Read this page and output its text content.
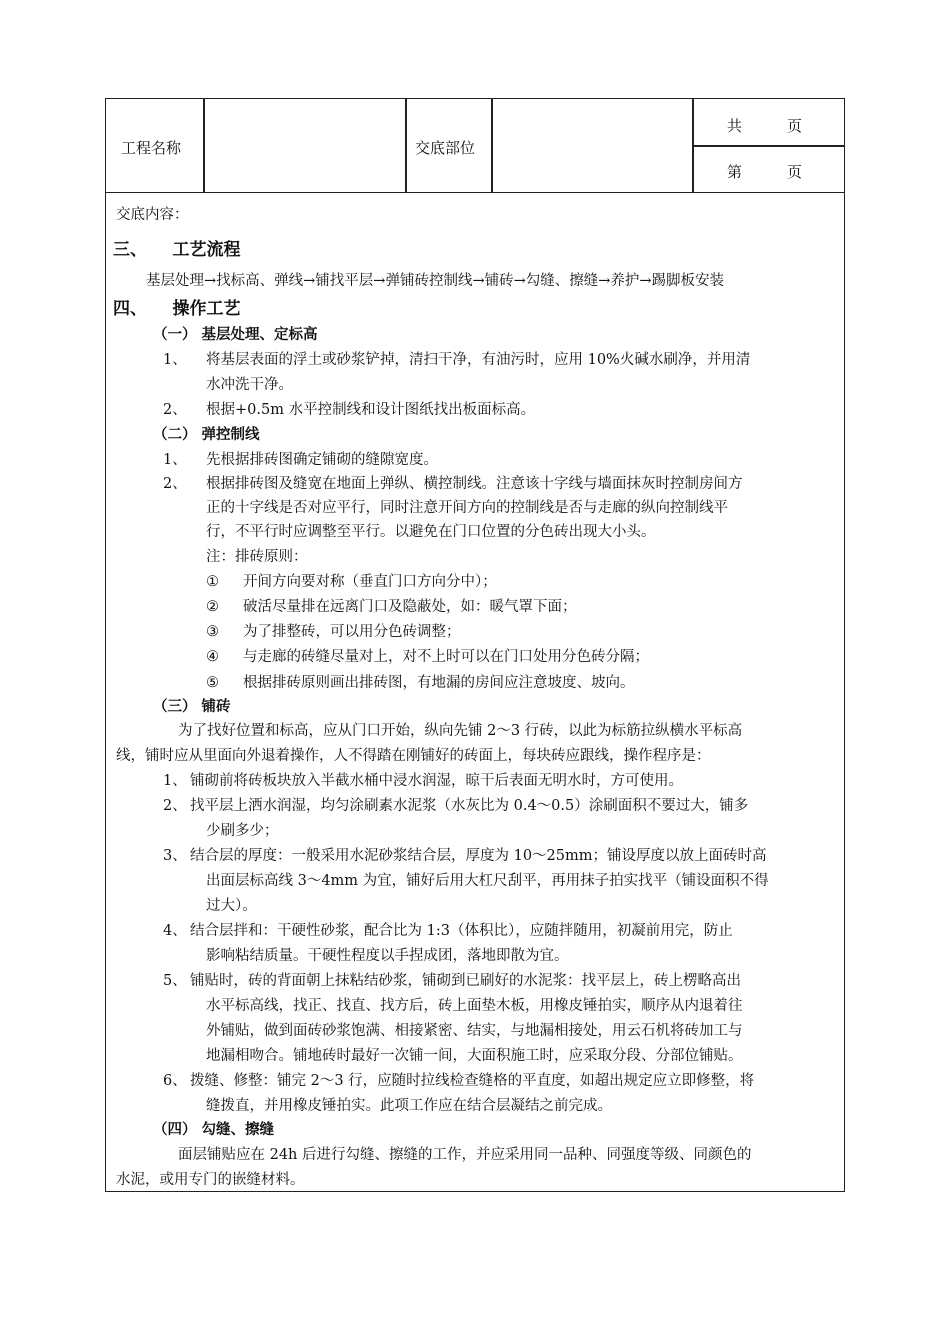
工程名称	交底部位
共　　　页
第　　　页
交底内容：
三、　　工艺流程
基层处理→找标高、弹线→铺找平层→弹铺砖控制线→铺砖→勾缝、擦缝→养护→踢脚板安装
四、　　操作工艺
（一） 基层处理、定标高
1、 将基层表面的浮土或砂浆铲掉，清扫干净，有油污时，应用 10%火碱水刷净，并用清
水冲洗干净。
2、 根据+0.5m 水平控制线和设计图纸找出板面标高。
（二） 弹控制线
1、 先根据排砖图确定铺砌的缝隙宽度。
2、 根据排砖图及缝宽在地面上弹纵、横控制线。注意该十字线与墙面抹灰时控制房间方
正的十字线是否对应平行，同时注意开间方向的控制线是否与走廊的纵向控制线平
行，不平行时应调整至平行。以避免在门口位置的分色砖出现大小头。
注：排砖原则：
① 开间方向要对称（垂直门口方向分中）；
② 破活尽量排在远离门口及隐蔽处，如：暖气罩下面；
③ 为了排整砖，可以用分色砖调整；
④ 与走廊的砖缝尽量对上，对不上时可以在门口处用分色砖分隔；
⑤ 根据排砖原则画出排砖图，有地漏的房间应注意坡度、坡向。
（三） 铺砖
为了找好位置和标高，应从门口开始，纵向先铺 2～3 行砖，以此为标筋拉纵横水平标高
线，铺时应从里面向外退着操作，人不得踏在刚铺好的砖面上，每块砖应跟线，操作程序是：
1、 铺砌前将砖板块放入半截水桶中浸水润湿，晾干后表面无明水时，方可使用。
2、 找平层上洒水润湿，均匀涂刷素水泥浆（水灰比为 0.4～0.5）涂刷面积不要过大，铺多
少刷多少；
3、 结合层的厚度：一般采用水泥砂浆结合层，厚度为 10～25mm；铺设厚度以放上面砖时高
出面层标高线 3～4mm 为宜，铺好后用大杠尺刮平，再用抹子拍实找平（铺设面积不得
过大）。
4、 结合层拌和：干硬性砂浆，配合比为 1:3（体积比），应随拌随用，初凝前用完，防止
影响粘结质量。干硬性程度以手捏成团，落地即散为宜。
5、 铺贴时，砖的背面朝上抹粘结砂浆，铺砌到已刷好的水泥浆：找平层上，砖上楞略高出
水平标高线，找正、找直、找方后，砖上面垫木板，用橡皮锤拍实，顺序从内退着往
外铺贴，做到面砖砂浆饱满、相接紧密、结实，与地漏相接处，用云石机将砖加工与
地漏相吻合。铺地砖时最好一次铺一间，大面积施工时，应采取分段、分部位铺贴。
6、 拨缝、修整：铺完 2～3 行，应随时拉线检查缝格的平直度，如超出规定应立即修整，将
缝拨直，并用橡皮锤拍实。此项工作应在结合层凝结之前完成。
（四） 勾缝、擦缝
面层铺贴应在 24h 后进行勾缝、擦缝的工作，并应采用同一品种、同强度等级、同颜色的
水泥，或用专门的嵌缝材料。
